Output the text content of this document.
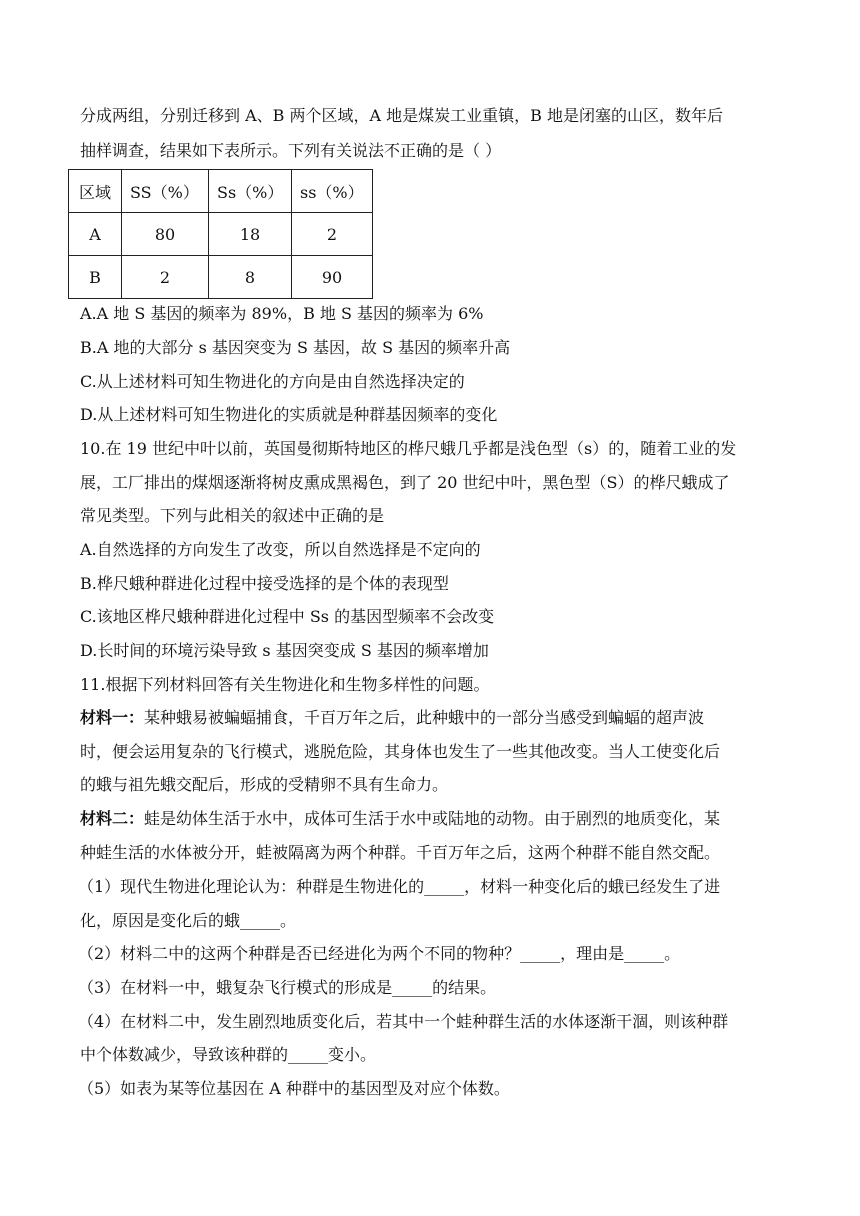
分成两组，分别迁移到 A、B 两个区域，A 地是煤炭工业重镇，B 地是闭塞的山区，数年后
抽样调查，结果如下表所示。下列有关说法不正确的是（ ）
区域	SS（%）	Ss（%）	ss（%）
A	80	18	2
B	2	8	90
A.A 地 S 基因的频率为 89%，B 地 S 基因的频率为 6%
B.A 地的大部分 s 基因突变为 S 基因，故 S 基因的频率升高
C.从上述材料可知生物进化的方向是由自然选择决定的
D.从上述材料可知生物进化的实质就是种群基因频率的变化
10.在 19 世纪中叶以前，英国曼彻斯特地区的桦尺蛾几乎都是浅色型（s）的，随着工业的发
展，工厂排出的煤烟逐渐将树皮熏成黑褐色，到了 20 世纪中叶，黑色型（S）的桦尺蛾成了
常见类型。下列与此相关的叙述中正确的是
A.自然选择的方向发生了改变，所以自然选择是不定向的
B.桦尺蛾种群进化过程中接受选择的是个体的表现型
C.该地区桦尺蛾种群进化过程中 Ss 的基因型频率不会改变
D.长时间的环境污染导致 s 基因突变成 S 基因的频率增加
11.根据下列材料回答有关生物进化和生物多样性的问题。
材料一：某种蛾易被蝙蝠捕食，千百万年之后，此种蛾中的一部分当感受到蝙蝠的超声波
时，便会运用复杂的飞行模式，逃脱危险，其身体也发生了一些其他改变。当人工使变化后
的蛾与祖先蛾交配后，形成的受精卵不具有生命力。
材料二：蛙是幼体生活于水中，成体可生活于水中或陆地的动物。由于剧烈的地质变化，某
种蛙生活的水体被分开，蛙被隔离为两个种群。千百万年之后，这两个种群不能自然交配。
（1）现代生物进化理论认为：种群是生物进化的_____，材料一种变化后的蛾已经发生了进
化，原因是变化后的蛾_____。
（2）材料二中的这两个种群是否已经进化为两个不同的物种？_____，理由是_____。
（3）在材料一中，蛾复杂飞行模式的形成是_____的结果。
（4）在材料二中，发生剧烈地质变化后，若其中一个蛙种群生活的水体逐渐干涸，则该种群
中个体数减少，导致该种群的_____变小。
（5）如表为某等位基因在 A 种群中的基因型及对应个体数。
